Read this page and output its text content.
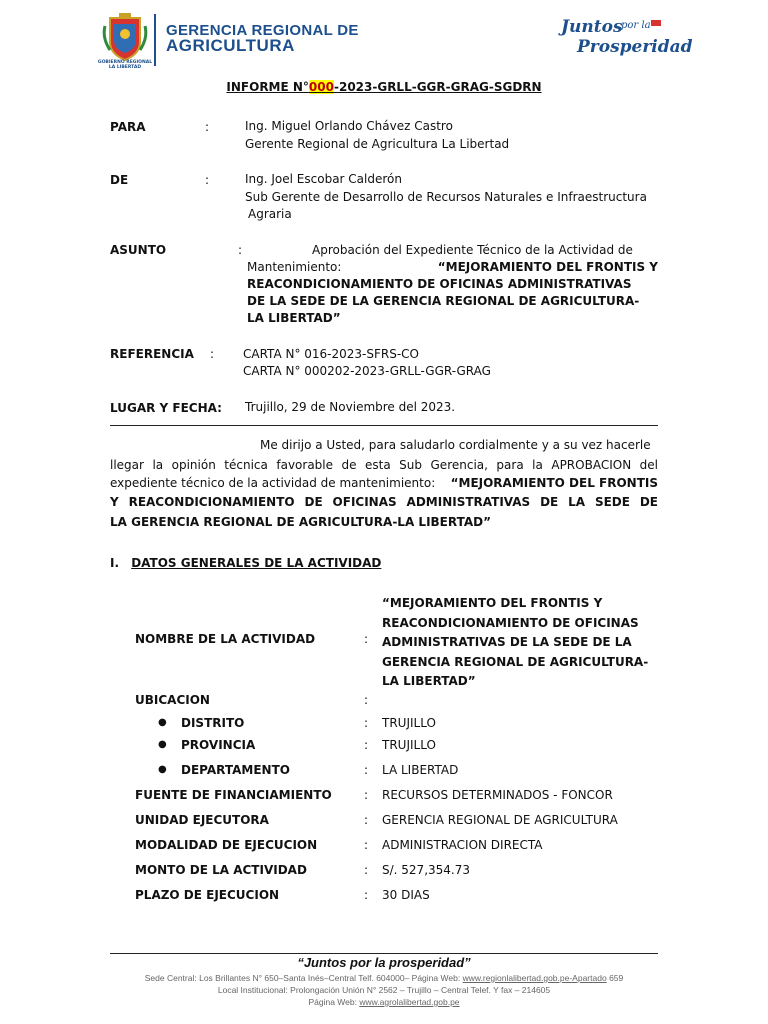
GOBIERNO REGIONAL LA LIBERTAD
GERENCIA REGIONAL DE
AGRICULTURA
Juntos
por la
Prosperidad
INFORME N°000-2023-GRLL-GGR-GRAG-SGDRN
PARA	:	Ing. Miguel Orlando Chávez Castro
Gerente Regional de Agricultura La Libertad
DE	:	Ing. Joel Escobar Calderón
Sub Gerente de Desarrollo de Recursos Naturales e Infraestructura
Agraria
ASUNTO	:	Aprobación del Expediente Técnico de la Actividad de
Mantenimiento:	“MEJORAMIENTO DEL FRONTIS Y
REACONDICIONAMIENTO DE OFICINAS ADMINISTRATIVAS
DE LA SEDE DE LA GERENCIA REGIONAL DE AGRICULTURA-
LA LIBERTAD”
REFERENCIA : CARTA N° 016-2023-SFRS-CO
CARTA N° 000202-2023-GRLL-GGR-GRAG
LUGAR Y FECHA: Trujillo, 29 de Noviembre del 2023.
Me dirijo a Usted, para saludarlo cordialmente y a su vez hacerle
llegar la opinión técnica favorable de esta Sub Gerencia, para la APROBACION del
expediente técnico de la actividad de mantenimiento: “MEJORAMIENTO DEL FRONTIS
Y REACONDICIONAMIENTO DE OFICINAS ADMINISTRATIVAS DE LA SEDE DE
LA GERENCIA REGIONAL DE AGRICULTURA-LA LIBERTAD”
I. DATOS GENERALES DE LA ACTIVIDAD
NOMBRE DE LA ACTIVIDAD	:
“MEJORAMIENTO DEL FRONTIS Y
REACONDICIONAMIENTO DE OFICINAS
ADMINISTRATIVAS DE LA SEDE DE LA
GERENCIA REGIONAL DE AGRICULTURA-
LA LIBERTAD”
UBICACION	:
● DISTRITO	: TRUJILLO
● PROVINCIA	: TRUJILLO
● DEPARTAMENTO	: LA LIBERTAD
FUENTE DE FINANCIAMIENTO	: RECURSOS DETERMINADOS - FONCOR
UNIDAD EJECUTORA	: GERENCIA REGIONAL DE AGRICULTURA
MODALIDAD DE EJECUCION	: ADMINISTRACION DIRECTA
MONTO DE LA ACTIVIDAD	: S/. 527,354.73
PLAZO DE EJECUCION	: 30 DIAS
“Juntos por la prosperidad”
Sede Central: Los Brillantes N° 650–Santa Inés–Central Telf. 604000– Página Web: www.regionlalibertad.gob.pe-Apartado 659
Local Institucional: Prolongación Unión N° 2562 – Trujillo – Central Telef. Y fax – 214605
Página Web: www.agrolalibertad.gob.pe
